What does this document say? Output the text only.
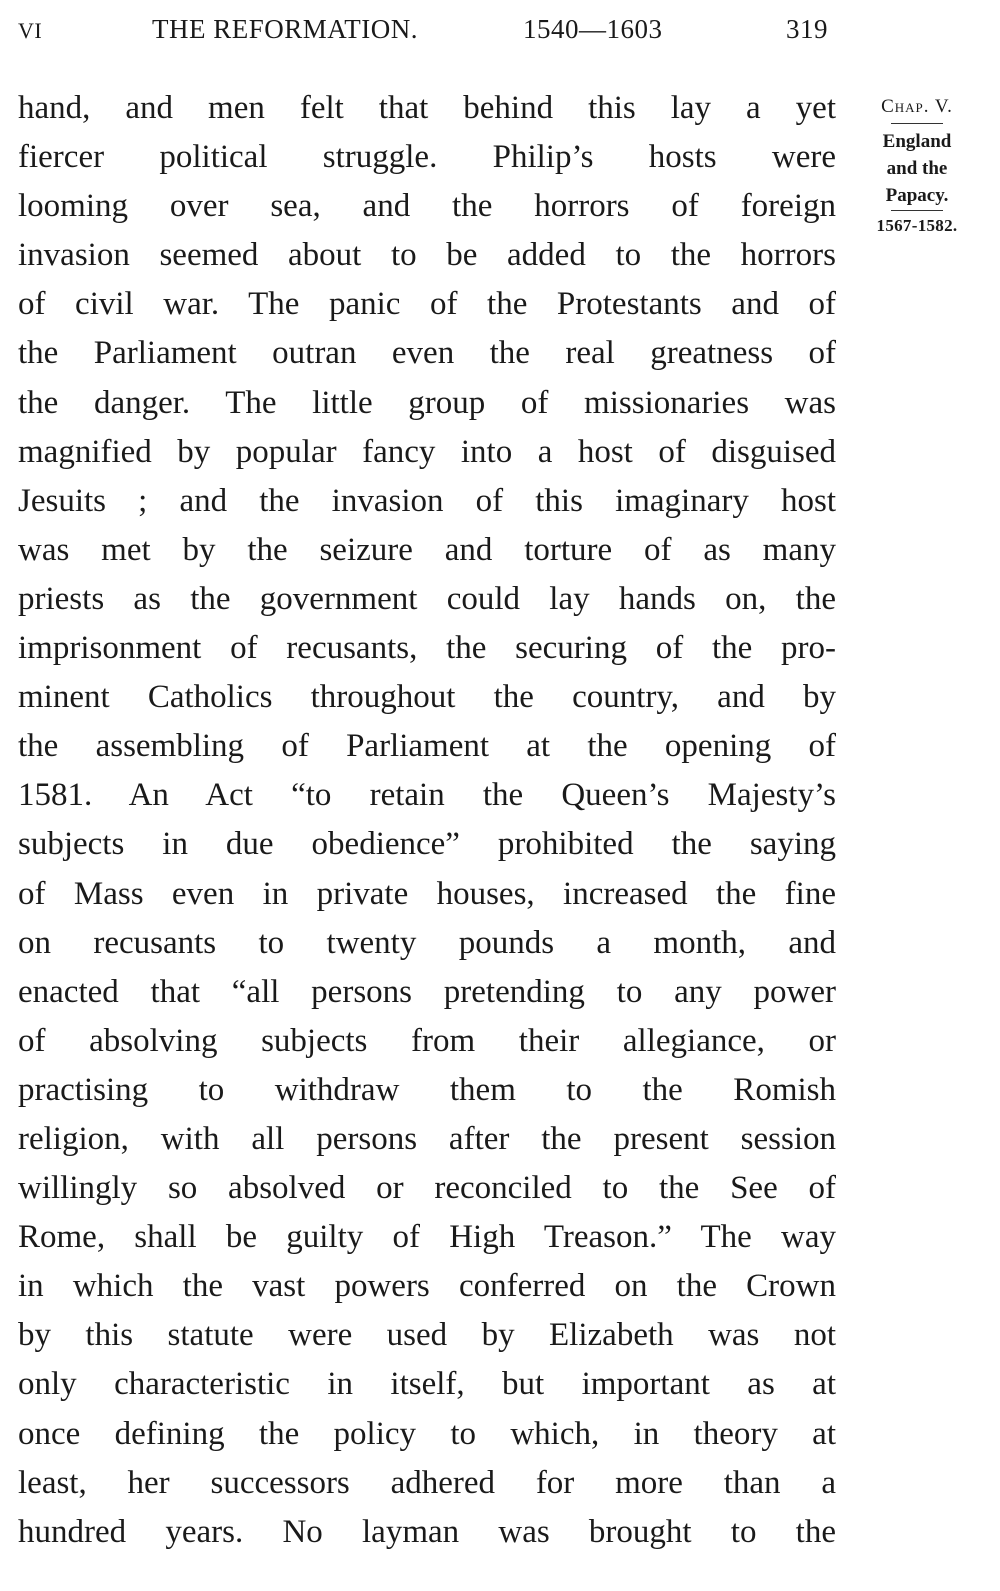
VI	THE REFORMATION.	1540—1603	319
hand, and men felt that behind this lay a yet
fiercer political struggle. Philip’s hosts were
looming over sea, and the horrors of foreign
invasion seemed about to be added to the horrors
of civil war. The panic of the Protestants and of
the Parliament outran even the real greatness of
the danger. The little group of missionaries was
magnified by popular fancy into a host of disguised
Jesuits ; and the invasion of this imaginary host
was met by the seizure and torture of as many
priests as the government could lay hands on, the
imprisonment of recusants, the securing of the pro-
minent Catholics throughout the country, and by
the assembling of Parliament at the opening of
1581. An Act “to retain the Queen’s Majesty’s
subjects in due obedience” prohibited the saying
of Mass even in private houses, increased the fine
on recusants to twenty pounds a month, and
enacted that “all persons pretending to any power
of absolving subjects from their allegiance, or
practising to withdraw them to the Romish
religion, with all persons after the present session
willingly so absolved or reconciled to the See of
Rome, shall be guilty of High Treason.” The way
in which the vast powers conferred on the Crown
by this statute were used by Elizabeth was not
only characteristic in itself, but important as at
once defining the policy to which, in theory at
least, her successors adhered for more than a
hundred years. No layman was brought to the
Chap. V.
England
and the
Papacy.
1567-1582.
